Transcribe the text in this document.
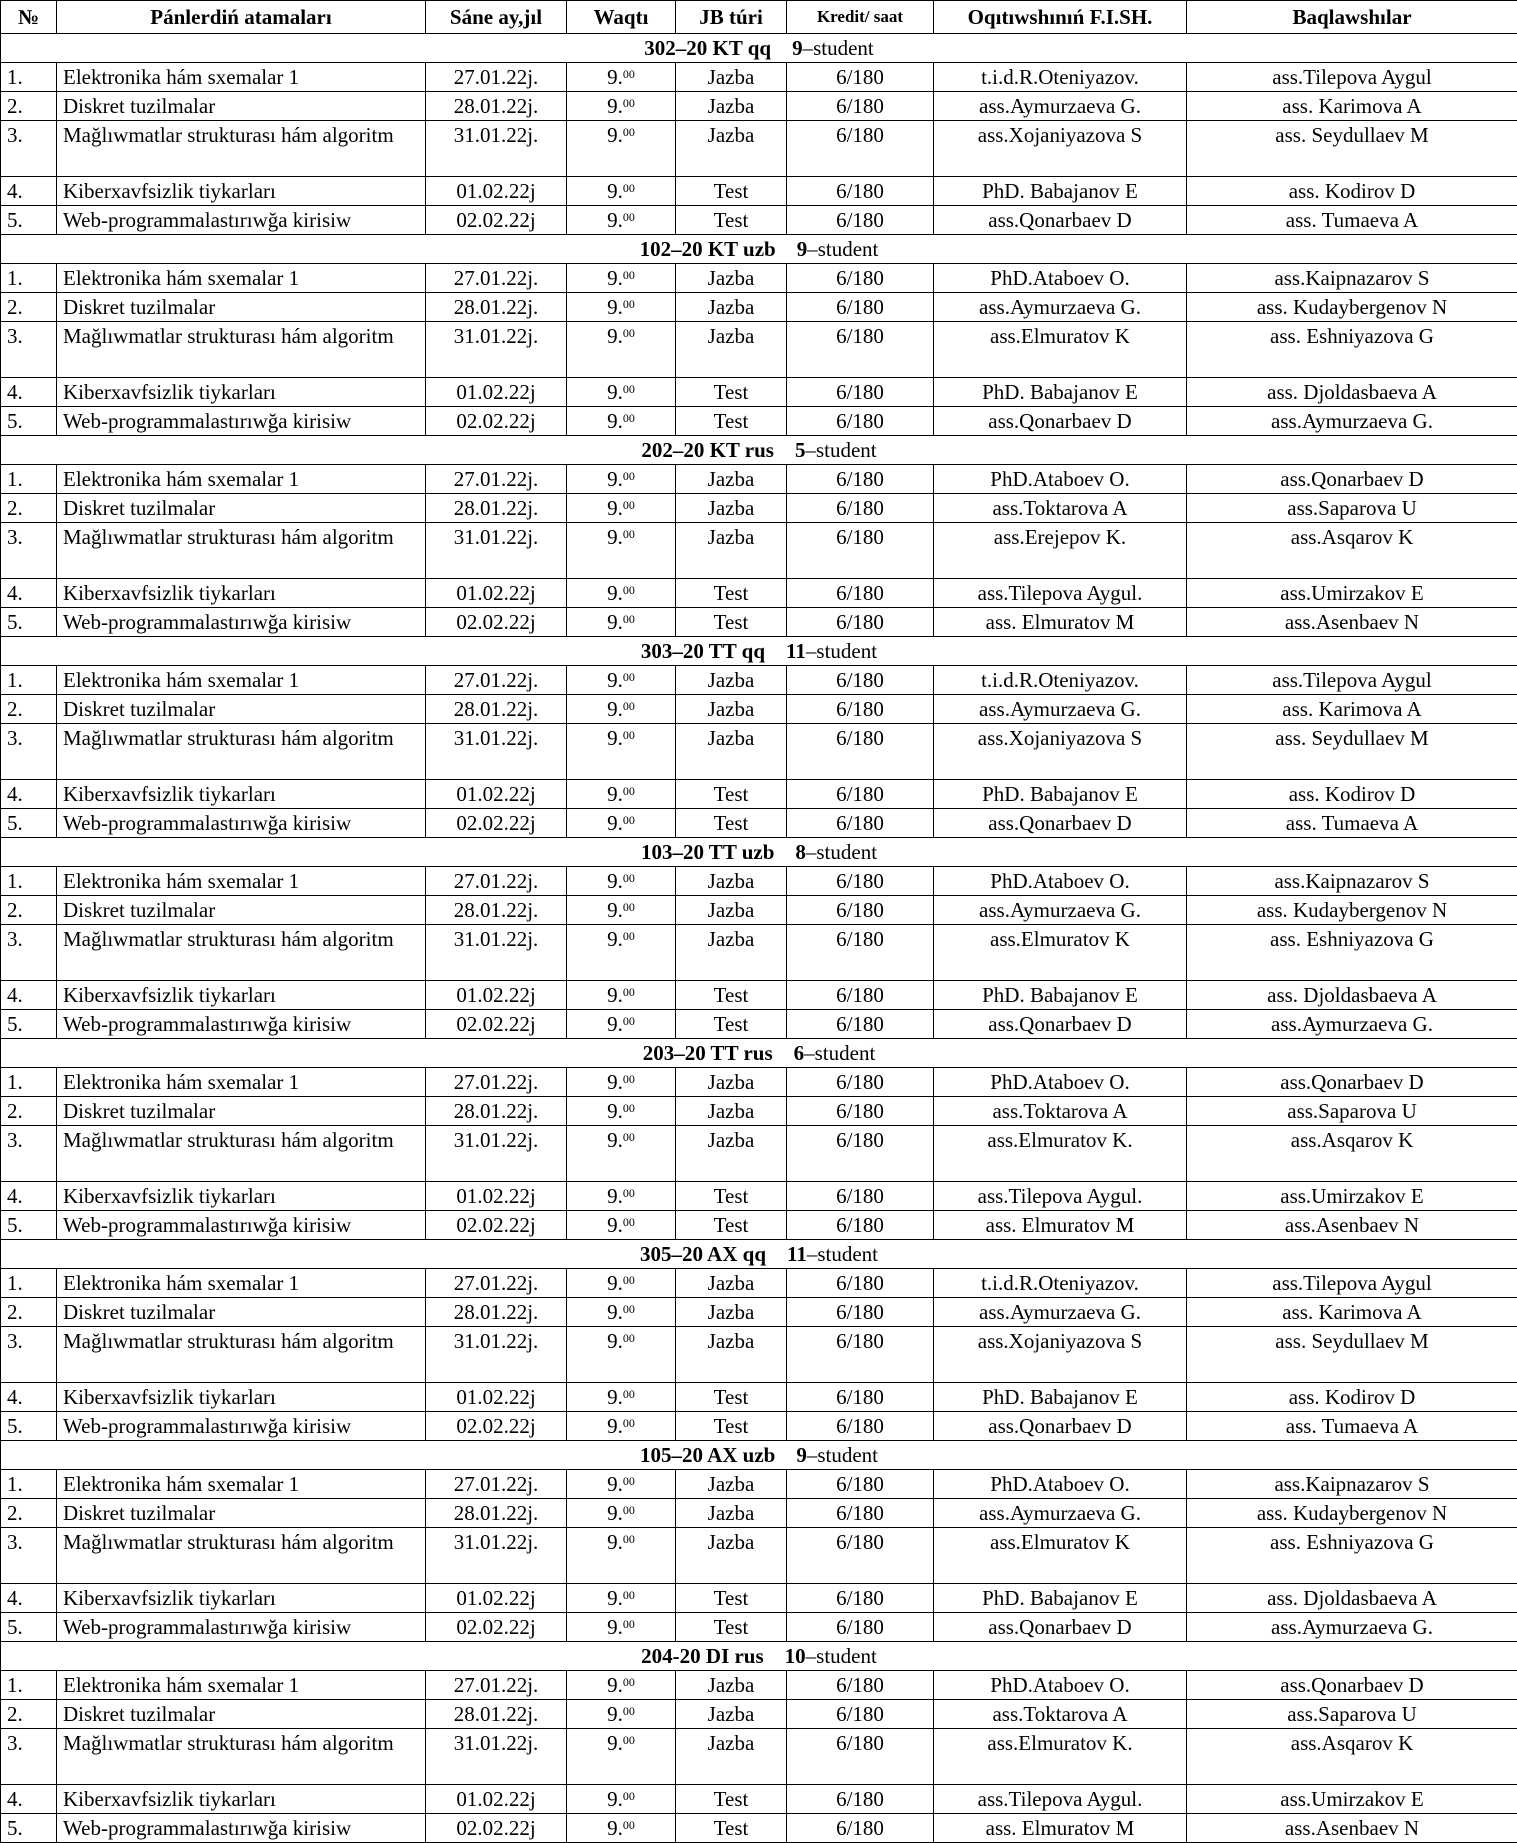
№	Pánlerdiń atamaları	Sáne ay,jıl	Waqtı	JB túri	Kredit/ saat	Oqıtıwshınıń F.I.SH.	Baqlawshılar
302–20 KT qq 9–student							
1.	Elektronika hám sxemalar 1	27.01.22j.	9.00	Jazba	6/180	t.i.d.R.Oteniyazov.	ass.Tilepova Aygul
2.	Diskret tuzilmalar	28.01.22j.	9.00	Jazba	6/180	ass.Aymurzaeva G.	ass. Karimova A
3.	Mağlıwmatlar strukturası hám algoritm	31.01.22j.	9.00	Jazba	6/180	ass.Xojaniyazova S	ass. Seydullaev M
4.	Kiberxavfsizlik tiykarları	01.02.22j	9.00	Test	6/180	PhD. Babajanov E	ass. Kodirov D
5.	Web-programmalastırıwğa kirisiw	02.02.22j	9.00	Test	6/180	ass.Qonarbaev D	ass. Tumaeva A
102–20 KT uzb 9–student							
1.	Elektronika hám sxemalar 1	27.01.22j.	9.00	Jazba	6/180	PhD.Ataboev O.	ass.Kaipnazarov S
2.	Diskret tuzilmalar	28.01.22j.	9.00	Jazba	6/180	ass.Aymurzaeva G.	ass. Kudaybergenov N
3.	Mağlıwmatlar strukturası hám algoritm	31.01.22j.	9.00	Jazba	6/180	ass.Elmuratov K	ass. Eshniyazova G
4.	Kiberxavfsizlik tiykarları	01.02.22j	9.00	Test	6/180	PhD. Babajanov E	ass. Djoldasbaeva A
5.	Web-programmalastırıwğa kirisiw	02.02.22j	9.00	Test	6/180	ass.Qonarbaev D	ass.Aymurzaeva G.
202–20 KT rus 5–student							
1.	Elektronika hám sxemalar 1	27.01.22j.	9.00	Jazba	6/180	PhD.Ataboev O.	ass.Qonarbaev D
2.	Diskret tuzilmalar	28.01.22j.	9.00	Jazba	6/180	ass.Toktarova A	ass.Saparova U
3.	Mağlıwmatlar strukturası hám algoritm	31.01.22j.	9.00	Jazba	6/180	ass.Erejepov K.	ass.Asqarov K
4.	Kiberxavfsizlik tiykarları	01.02.22j	9.00	Test	6/180	ass.Tilepova Aygul.	ass.Umirzakov E
5.	Web-programmalastırıwğa kirisiw	02.02.22j	9.00	Test	6/180	ass. Elmuratov M	ass.Asenbaev N
303–20 TT qq 11–student							
1.	Elektronika hám sxemalar 1	27.01.22j.	9.00	Jazba	6/180	t.i.d.R.Oteniyazov.	ass.Tilepova Aygul
2.	Diskret tuzilmalar	28.01.22j.	9.00	Jazba	6/180	ass.Aymurzaeva G.	ass. Karimova A
3.	Mağlıwmatlar strukturası hám algoritm	31.01.22j.	9.00	Jazba	6/180	ass.Xojaniyazova S	ass. Seydullaev M
4.	Kiberxavfsizlik tiykarları	01.02.22j	9.00	Test	6/180	PhD. Babajanov E	ass. Kodirov D
5.	Web-programmalastırıwğa kirisiw	02.02.22j	9.00	Test	6/180	ass.Qonarbaev D	ass. Tumaeva A
103–20 TT uzb 8–student							
1.	Elektronika hám sxemalar 1	27.01.22j.	9.00	Jazba	6/180	PhD.Ataboev O.	ass.Kaipnazarov S
2.	Diskret tuzilmalar	28.01.22j.	9.00	Jazba	6/180	ass.Aymurzaeva G.	ass. Kudaybergenov N
3.	Mağlıwmatlar strukturası hám algoritm	31.01.22j.	9.00	Jazba	6/180	ass.Elmuratov K	ass. Eshniyazova G
4.	Kiberxavfsizlik tiykarları	01.02.22j	9.00	Test	6/180	PhD. Babajanov E	ass. Djoldasbaeva A
5.	Web-programmalastırıwğa kirisiw	02.02.22j	9.00	Test	6/180	ass.Qonarbaev D	ass.Aymurzaeva G.
203–20 TT rus 6–student							
1.	Elektronika hám sxemalar 1	27.01.22j.	9.00	Jazba	6/180	PhD.Ataboev O.	ass.Qonarbaev D
2.	Diskret tuzilmalar	28.01.22j.	9.00	Jazba	6/180	ass.Toktarova A	ass.Saparova U
3.	Mağlıwmatlar strukturası hám algoritm	31.01.22j.	9.00	Jazba	6/180	ass.Elmuratov K.	ass.Asqarov K
4.	Kiberxavfsizlik tiykarları	01.02.22j	9.00	Test	6/180	ass.Tilepova Aygul.	ass.Umirzakov E
5.	Web-programmalastırıwğa kirisiw	02.02.22j	9.00	Test	6/180	ass. Elmuratov M	ass.Asenbaev N
305–20 AX qq 11–student							
1.	Elektronika hám sxemalar 1	27.01.22j.	9.00	Jazba	6/180	t.i.d.R.Oteniyazov.	ass.Tilepova Aygul
2.	Diskret tuzilmalar	28.01.22j.	9.00	Jazba	6/180	ass.Aymurzaeva G.	ass. Karimova A
3.	Mağlıwmatlar strukturası hám algoritm	31.01.22j.	9.00	Jazba	6/180	ass.Xojaniyazova S	ass. Seydullaev M
4.	Kiberxavfsizlik tiykarları	01.02.22j	9.00	Test	6/180	PhD. Babajanov E	ass. Kodirov D
5.	Web-programmalastırıwğa kirisiw	02.02.22j	9.00	Test	6/180	ass.Qonarbaev D	ass. Tumaeva A
105–20 AX uzb 9–student							
1.	Elektronika hám sxemalar 1	27.01.22j.	9.00	Jazba	6/180	PhD.Ataboev O.	ass.Kaipnazarov S
2.	Diskret tuzilmalar	28.01.22j.	9.00	Jazba	6/180	ass.Aymurzaeva G.	ass. Kudaybergenov N
3.	Mağlıwmatlar strukturası hám algoritm	31.01.22j.	9.00	Jazba	6/180	ass.Elmuratov K	ass. Eshniyazova G
4.	Kiberxavfsizlik tiykarları	01.02.22j	9.00	Test	6/180	PhD. Babajanov E	ass. Djoldasbaeva A
5.	Web-programmalastırıwğa kirisiw	02.02.22j	9.00	Test	6/180	ass.Qonarbaev D	ass.Aymurzaeva G.
204-20 DI rus 10–student							
1.	Elektronika hám sxemalar 1	27.01.22j.	9.00	Jazba	6/180	PhD.Ataboev O.	ass.Qonarbaev D
2.	Diskret tuzilmalar	28.01.22j.	9.00	Jazba	6/180	ass.Toktarova A	ass.Saparova U
3.	Mağlıwmatlar strukturası hám algoritm	31.01.22j.	9.00	Jazba	6/180	ass.Elmuratov K.	ass.Asqarov K
4.	Kiberxavfsizlik tiykarları	01.02.22j	9.00	Test	6/180	ass.Tilepova Aygul.	ass.Umirzakov E
5.	Web-programmalastırıwğa kirisiw	02.02.22j	9.00	Test	6/180	ass. Elmuratov M	ass.Asenbaev N
